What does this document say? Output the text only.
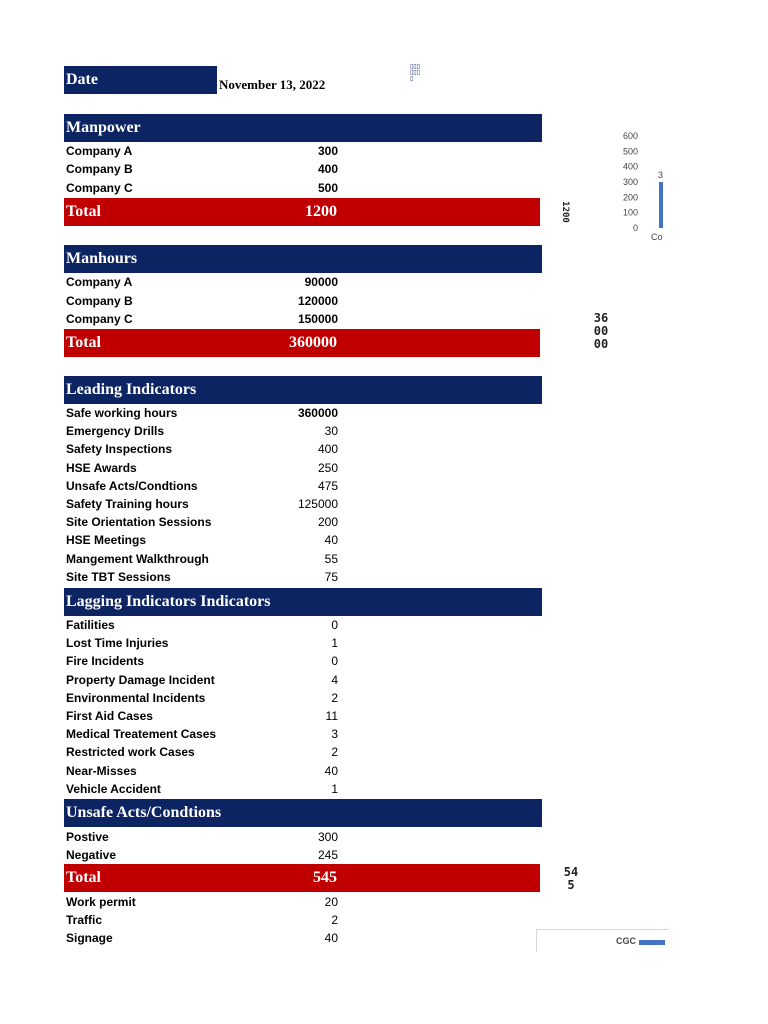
Date	November 13, 2022
▯▯▯▯▯▯▯
Manpower
Company A	300
Company B	400
Company C	500
Total	1200	1200
600
500
400
300
200
100
0
3
Co
Manhours
Company A	90000
Company B	120000
Company C	150000
Total	360000
36
00
00
Leading Indicators
Safe working hours	360000
Emergency Drills	30
Safety Inspections	400
HSE Awards	250
Unsafe Acts/Condtions	475
Safety Training hours	125000
Site Orientation Sessions	200
HSE Meetings	40
Mangement Walkthrough	55
Site TBT Sessions	75
Lagging Indicators Indicators
Fatilities	0
Lost Time Injuries	1
Fire Incidents	0
Property Damage Incident	4
Environmental Incidents	2
First Aid Cases	11
Medical Treatement Cases	3
Restricted work Cases	2
Near-Misses	40
Vehicle Accident	1
Unsafe Acts/Condtions
Postive	300
Negative	245
Total	545	54
5
Work permit	20
Traffic	2
Signage	40	CGC
